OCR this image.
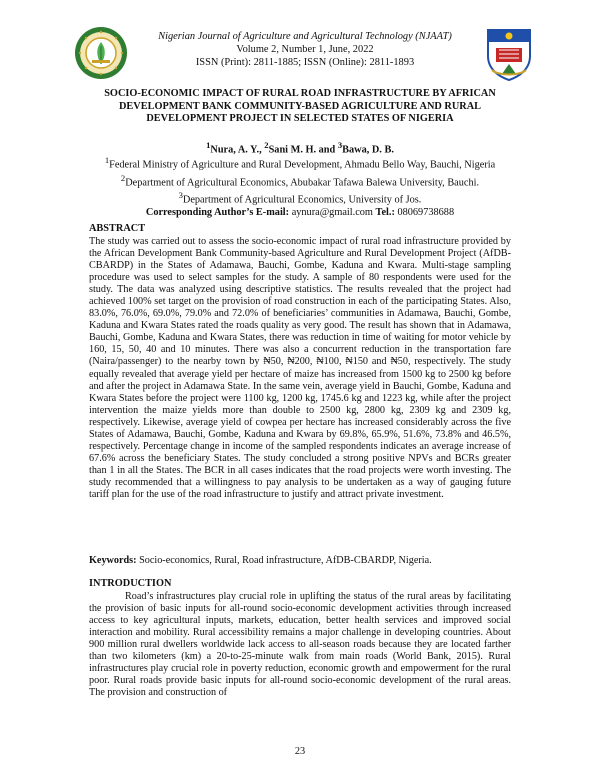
Nigerian Journal of Agriculture and Agricultural Technology (NJAAT)
Volume 2, Number 1, June, 2022
ISSN (Print): 2811-1885; ISSN (Online): 2811-1893
SOCIO-ECONOMIC IMPACT OF RURAL ROAD INFRASTRUCTURE BY AFRICAN DEVELOPMENT BANK COMMUNITY-BASED AGRICULTURE AND RURAL DEVELOPMENT PROJECT IN SELECTED STATES OF NIGERIA
$^1$Nura, A. Y., $^2$Sani M. H. and $^3$Bawa, D. B.
$^1$Federal Ministry of Agriculture and Rural Development, Ahmadu Bello Way, Bauchi, Nigeria
$^2$Department of Agricultural Economics, Abubakar Tafawa Balewa University, Bauchi.
$^3$Department of Agricultural Economics, University of Jos.
Corresponding Author’s E-mail: aynura@gmail.com Tel.: 08069738688
ABSTRACT

The study was carried out to assess the socio-economic impact of rural road infrastructure provided by the African Development Bank Community-based Agriculture and Rural Development Project (AfDB-CBARDP) in the States of Adamawa, Bauchi, Gombe, Kaduna and Kwara. Multi-stage sampling procedure was used to select samples for the study. A sample of 80 respondents were used for the study. The data was analyzed using descriptive statistics. The results revealed that the project had achieved 100% set target on the provision of road construction in each of the participating States. Also, 83.0%, 76.0%, 69.0%, 79.0% and 72.0% of beneficiaries’ communities in Adamawa, Bauchi, Gombe, Kaduna and Kwara States rated the roads quality as very good. The result has shown that in Adamawa, Bauchi, Gombe, Kaduna and Kwara States, there was reduction in time of waiting for motor vehicle by 160, 15, 50, 40 and 10 minutes. There was also a concurrent reduction in the transportation fare (Naira/passenger) to the nearby town by ₦50, ₦200, ₦100, ₦150 and ₦50, respectively. The study equally revealed that average yield per hectare of maize has increased from 1500 kg to 2500 kg before and after the project in Adamawa State. In the same vein, average yield in Bauchi, Gombe, Kaduna and Kwara States before the project were 1100 kg, 1200 kg, 1745.6 kg and 1223 kg, while after the project intervention the maize yields more than double to 2500 kg, 2800 kg, 2309 kg and 2309 kg, respectively. Likewise, average yield of cowpea per hectare has increased considerably across the five States of Adamawa, Bauchi, Gombe, Kaduna and Kwara by 69.8%, 65.9%, 51.6%, 73.8% and 46.5%, respectively. Percentage change in income of the sampled respondents indicates an average increase of 67.6% across the beneficiary States. The study concluded a strong positive NPVs and BCRs greater than 1 in all the States. The BCR in all cases indicates that the road projects were worth investing. The study recommended that a willingness to pay analysis to be undertaken as a way of gauging future tariff plan for the use of the road infrastructure to justify and attract private investment.

Keywords: Socio-economics, Rural, Road infrastructure, AfDB-CBARDP, Nigeria.
INTRODUCTION

Road’s infrastructures play crucial role in uplifting the status of the rural areas by facilitating the provision of basic inputs for all-round socio-economic development activities through increased access to key agricultural inputs, markets, education, better health services and improved social interaction and mobility. Rural accessibility remains a major challenge in developing countries. About 900 million rural dwellers worldwide lack access to all-season roads because they are located farther than two kilometers (km) a 20-to-25-minute walk from main roads (World Bank, 2015). Rural infrastructures play crucial role in poverty reduction, economic growth and empowerment for the rural poor. Rural roads provide basic inputs for all-round socio-economic development of the rural areas. The provision and construction of

23
